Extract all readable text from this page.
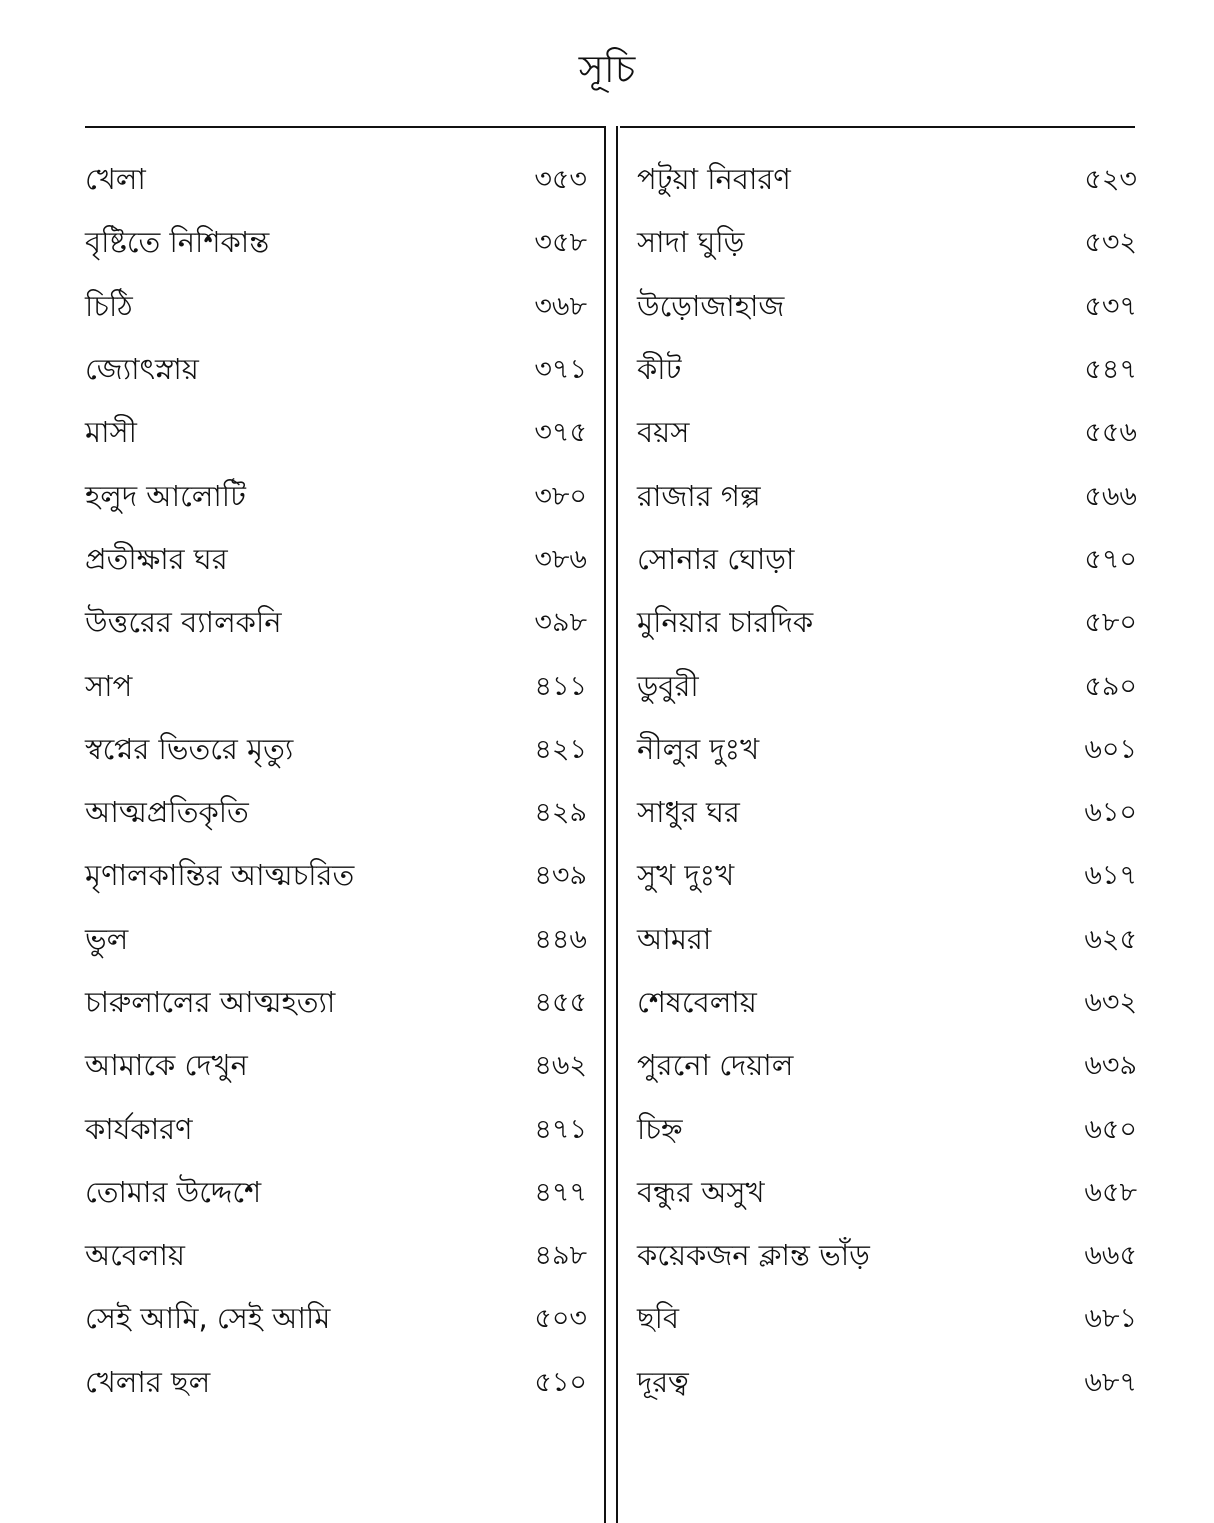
সূচি
খেলা	৩৫৩
বৃষ্টিতে নিশিকান্ত	৩৫৮
চিঠি	৩৬৮
জ্যোৎস্নায়	৩৭১
মাসী	৩৭৫
হলুদ আলোটি	৩৮০
প্রতীক্ষার ঘর	৩৮৬
উত্তরের ব্যালকনি	৩৯৮
সাপ	৪১১
স্বপ্নের ভিতরে মৃত্যু	৪২১
আত্মপ্রতিকৃতি	৪২৯
মৃণালকান্তির আত্মচরিত	৪৩৯
ভুল	৪৪৬
চারুলালের আত্মহত্যা	৪৫৫
আমাকে দেখুন	৪৬২
কার্যকারণ	৪৭১
তোমার উদ্দেশে	৪৭৭
অবেলায়	৪৯৮
সেই আমি, সেই আমি	৫০৩
খেলার ছল	৫১০
পটুয়া নিবারণ	৫২৩
সাদা ঘুড়ি	৫৩২
উড়োজাহাজ	৫৩৭
কীট	৫৪৭
বয়স	৫৫৬
রাজার গল্প	৫৬৬
সোনার ঘোড়া	৫৭০
মুনিয়ার চারদিক	৫৮০
ডুবুরী	৫৯০
নীলুর দুঃখ	৬০১
সাধুর ঘর	৬১০
সুখ দুঃখ	৬১৭
আমরা	৬২৫
শেষবেলায়	৬৩২
পুরনো দেয়াল	৬৩৯
চিহ্ন	৬৫০
বন্ধুর অসুখ	৬৫৮
কয়েকজন ক্লান্ত ভাঁড়	৬৬৫
ছবি	৬৮১
দূরত্ব	৬৮৭
